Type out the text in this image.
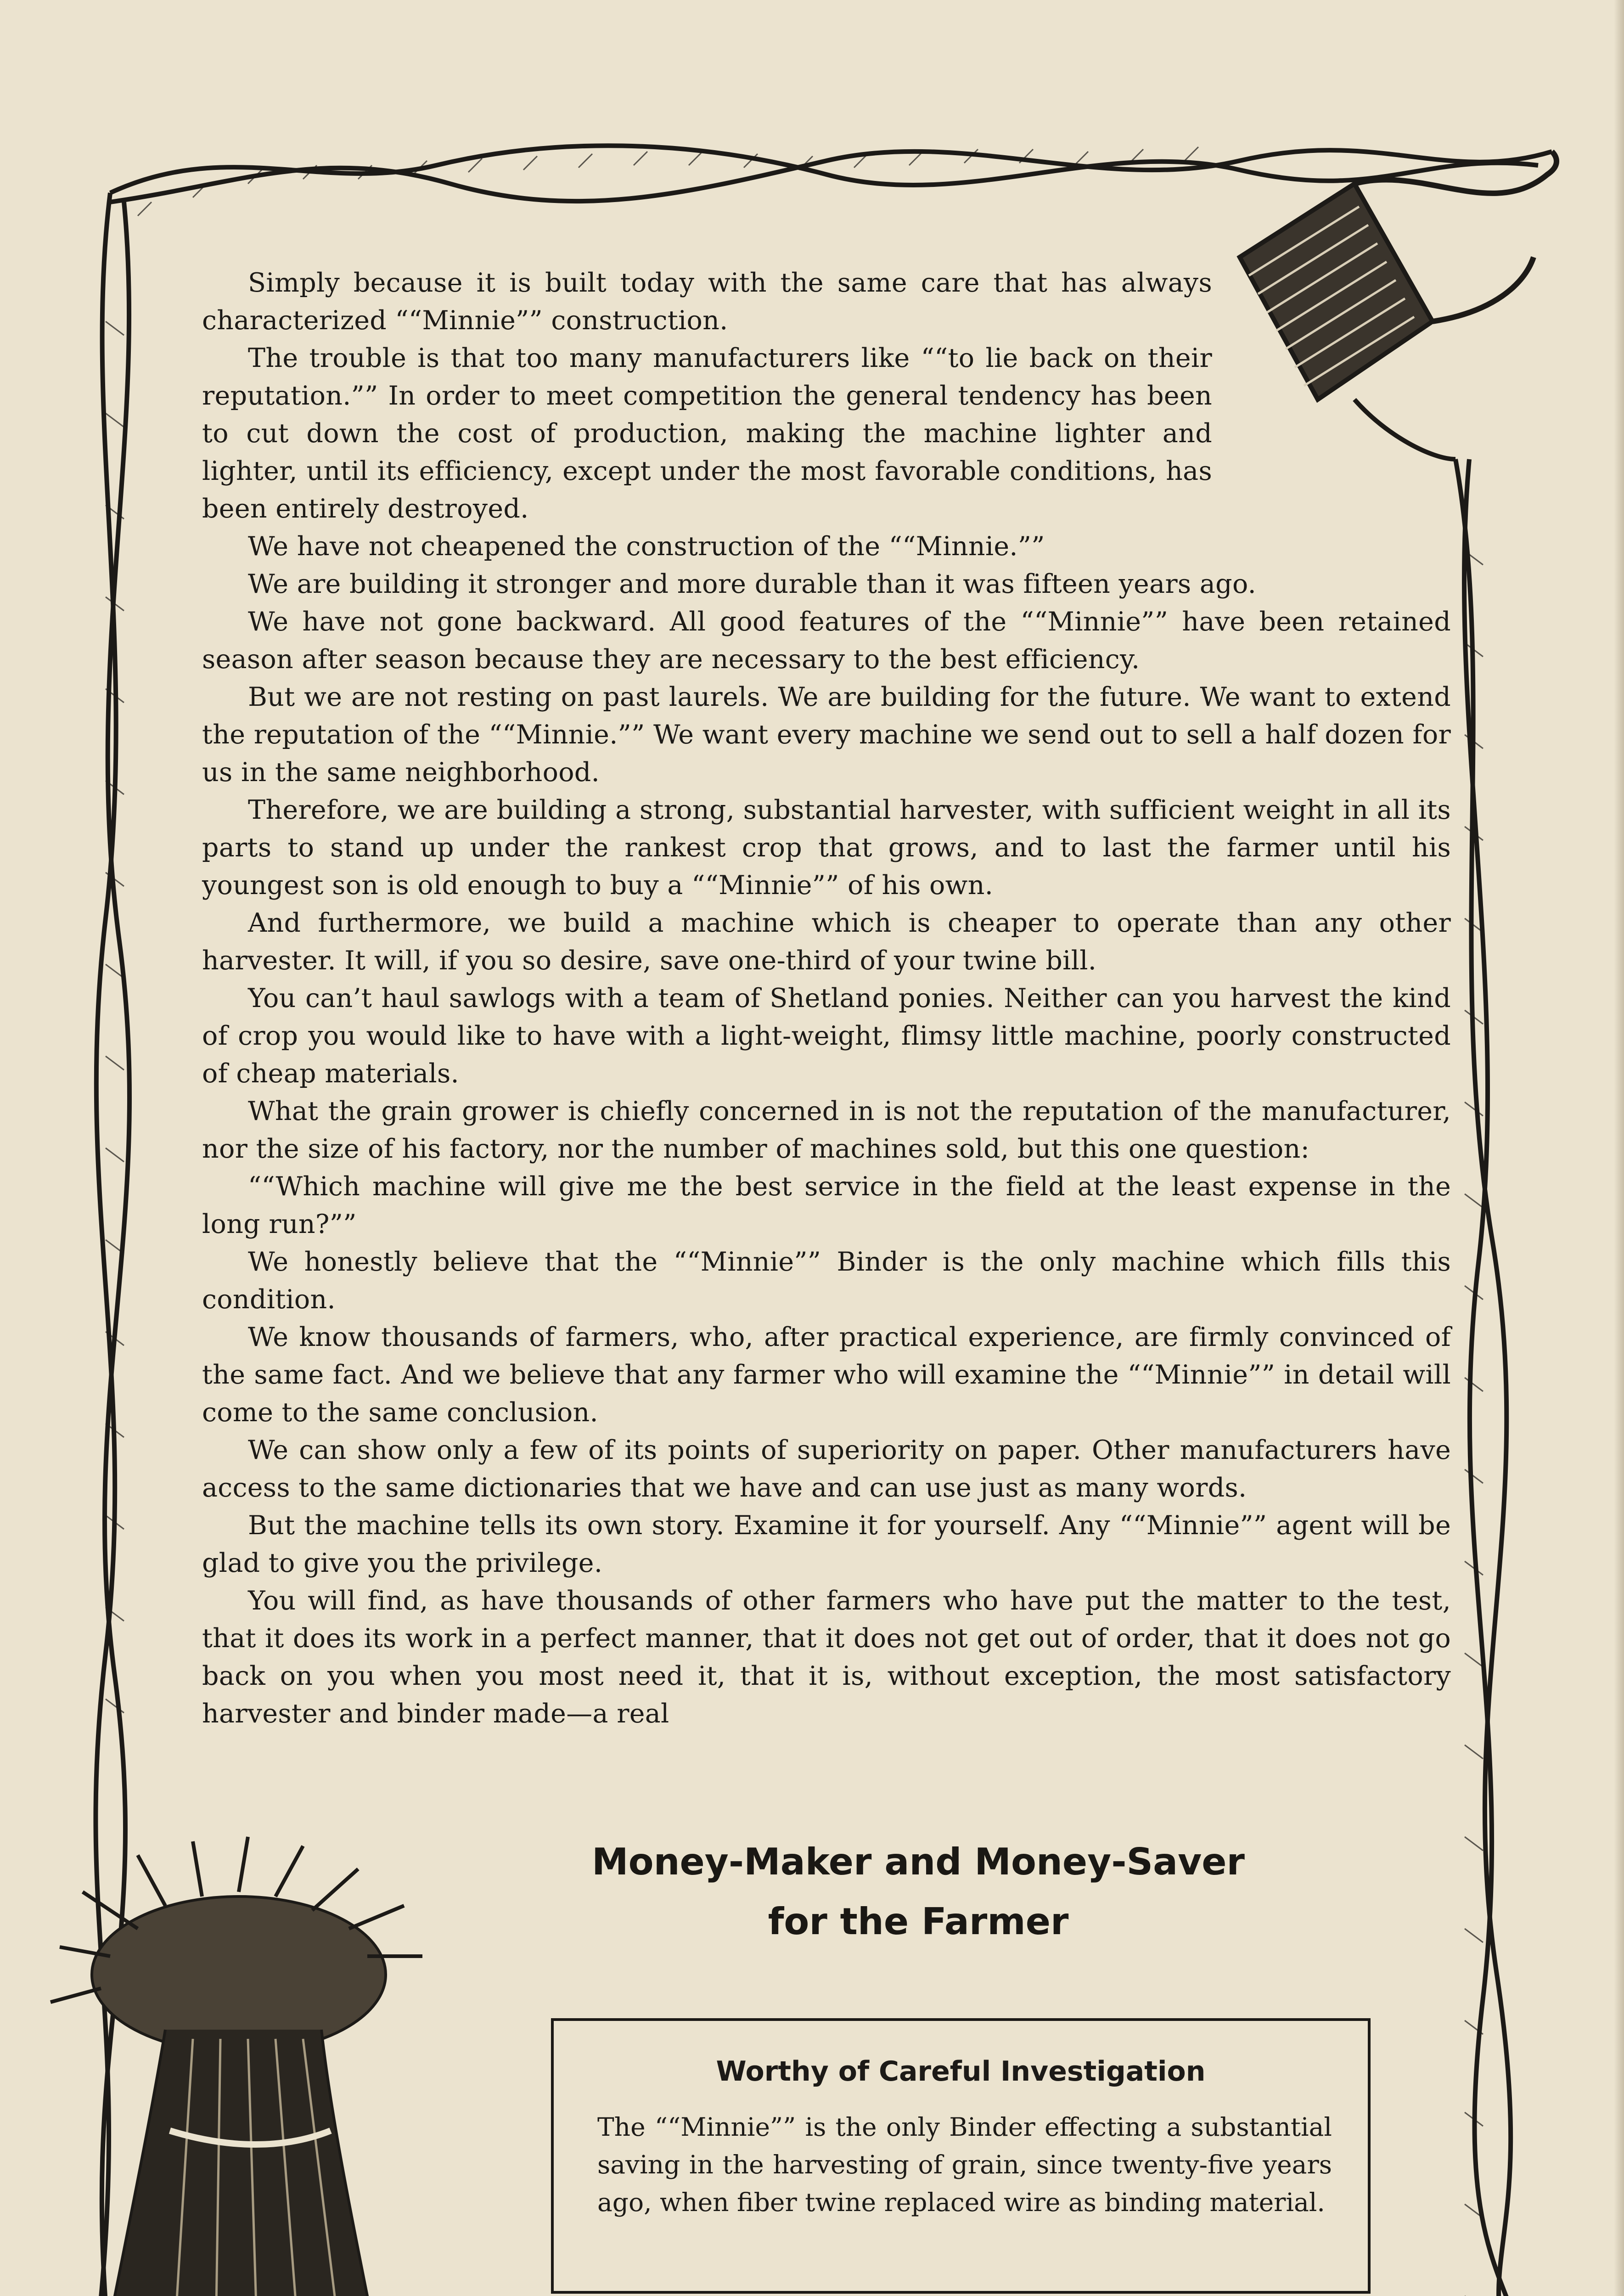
Simply because it is built today with the same care that has always characterized ““Minnie”” construction.

The trouble is that too many manufacturers like ““to lie back on their reputation.”” In order to meet competition the general tendency has been to cut down the cost of production, making the machine lighter and lighter, until its efficiency, except under the most favorable conditions, has been entirely destroyed.

We have not cheapened the construction of the ““Minnie.””

We are building it stronger and more durable than it was fifteen years ago.

We have not gone backward. All good features of the ““Minnie”” have been retained season after season because they are necessary to the best efficiency.

But we are not resting on past laurels. We are building for the future. We want to extend the reputation of the ““Minnie.”” We want every machine we send out to sell a half dozen for us in the same neighborhood.

Therefore, we are building a strong, substantial harvester, with sufficient weight in all its parts to stand up under the rankest crop that grows, and to last the farmer until his youngest son is old enough to buy a ““Minnie”” of his own.

And furthermore, we build a machine which is cheaper to operate than any other harvester. It will, if you so desire, save one-third of your twine bill.

You can’t haul sawlogs with a team of Shetland ponies. Neither can you harvest the kind of crop you would like to have with a light-weight, flimsy little machine, poorly constructed of cheap materials.

What the grain grower is chiefly concerned in is not the reputation of the manufacturer, nor the size of his factory, nor the number of machines sold, but this one question:

““Which machine will give me the best service in the field at the least expense in the long run?””

We honestly believe that the ““Minnie”” Binder is the only machine which fills this condition.

We know thousands of farmers, who, after practical experience, are firmly convinced of the same fact. And we believe that any farmer who will examine the ““Minnie”” in detail will come to the same conclusion.

We can show only a few of its points of superiority on paper. Other manufacturers have access to the same dictionaries that we have and can use just as many words.

But the machine tells its own story. Examine it for yourself. Any ““Minnie”” agent will be glad to give you the privilege.

You will find, as have thousands of other farmers who have put the matter to the test, that it does its work in a perfect manner, that it does not get out of order, that it does not go back on you when you most need it, that it is, without exception, the most satisfactory harvester and binder made—a real

Money-Maker and Money-Saver
for the Farmer
Worthy of Careful Investigation
The ““Minnie”” is the only Binder effecting a substantial saving in the harvesting of grain, since twenty-five years ago, when fiber twine replaced wire as binding material.
